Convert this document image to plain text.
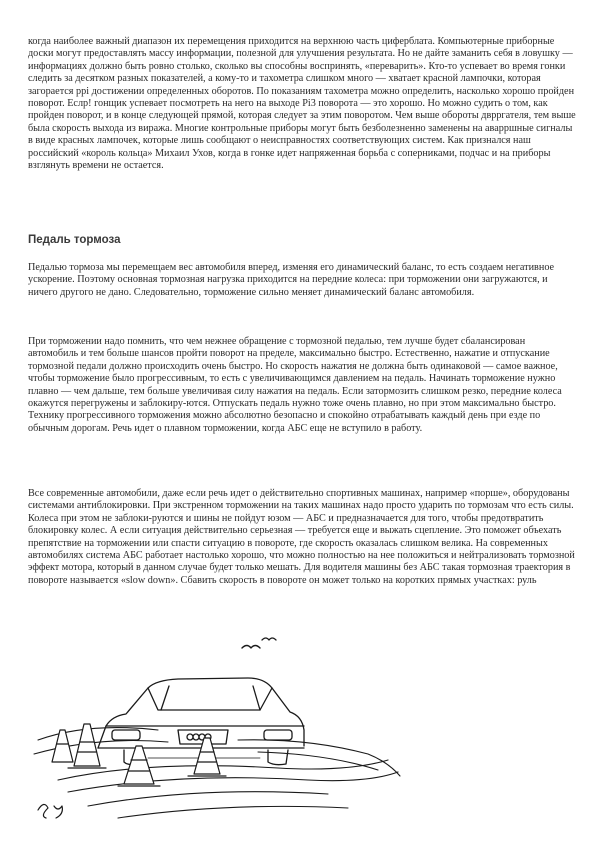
когда наиболее важный диапазон их перемещения приходится на верхнюю часть циферблата. Компьютерные приборные доски могут предоставлять массу информации, полезной для улучшения результата. Но не дайте заманить себя в ловушку — информациях должно быть ровно столько, сколько вы способны воспринять, «переварить». Кто-то успевает во время гонки следить за десятком разных показателей, а кому-то и тахометра слишком много — хватает красной лампочки, которая загорается ррі достижении определенных оборотов. По показаниям тахометра можно определить, насколько хорошо пройден поворот. Еслр! гонщик успевает посмотреть на него на выходе Рі3 поворота — это хорошо. Но можно судить о том, как пройден поворот, и в конце следующей прямой, которая следует за этим поворотом. Чем выше обороты дврргателя, тем выше была скорость выхода из виража. Многие контрольные приборы могут быть безболезненно заменены на аварршные сигналы в виде красных лампочек, которые лишь сообщают о неисправностях соответствующих систем. Как признался наш российский «король кольца» Михаил Ухов, когда в гонке идет напряженная борьба с соперниками, подчас и на приборы взглянуть времени не остается.

Педаль тормоза

Педалью тормоза мы перемещаем вес автомобиля вперед, изменяя его динамический баланс, то есть создаем негативное ускорение. Поэтому основная тормозная нагрузка приходится на передние колеса: при торможении они загружаются, и ничего другого не дано. Следовательно, торможение сильно меняет динамический баланс автомобиля.

При торможении надо помнить, что чем нежнее обращение с тормозной педалью, тем лучше будет сбалансирован автомобиль и тем больше шансов пройти поворот на пределе, максимально быстро. Естественно, нажатие и отпускание тормозной педали должно происходить очень быстро. Но скорость нажатия не должна быть одинаковой — самое важное, чтобы торможение было прогрессивным, то есть с увеличивающимся давлением на педаль. Начинать торможение нужно плавно — чем дальше, тем больше увеличивая силу нажатия на педаль. Если затормозить слишком резко, передние колеса окажутся перегружены и заблокиру-ются. Отпускать педаль нужно тоже очень плавно, но при этом максимально быстро. Технику прогрессивного торможения можно абсолютно безопасно и спокойно отрабатывать каждый день при езде по обычным дорогам. Речь идет о плавном торможении, когда АБС еще не вступило в работу.

Все современные автомобили, даже если речь идет о действительно спортивных машинах, например «порше», оборудованы системами антиблокировки. При экстренном торможении на таких машинах надо просто ударить по тормозам что есть силы. Колеса при этом не заблоки-руются и шины не пойдут юзом — АБС и предназначается для того, чтобы предотвратить блокировку колес. А если ситуация действительно серьезная — требуется еще и выжать сцепление. Это поможет объехать препятствие на торможении или спасти ситуацию в повороте, где скорость оказалась слишком велика. На современных автомобилях система АБС работает настолько хорошо, что можно полностью на нее положиться и нейтрализовать тормозной эффект мотора, который в данном случае будет только мешать. Для водителя машины без АБС такая тормозная траектория в повороте называется «slow down». Сбавить скорость в повороте он может только на коротких прямых участках: руль
